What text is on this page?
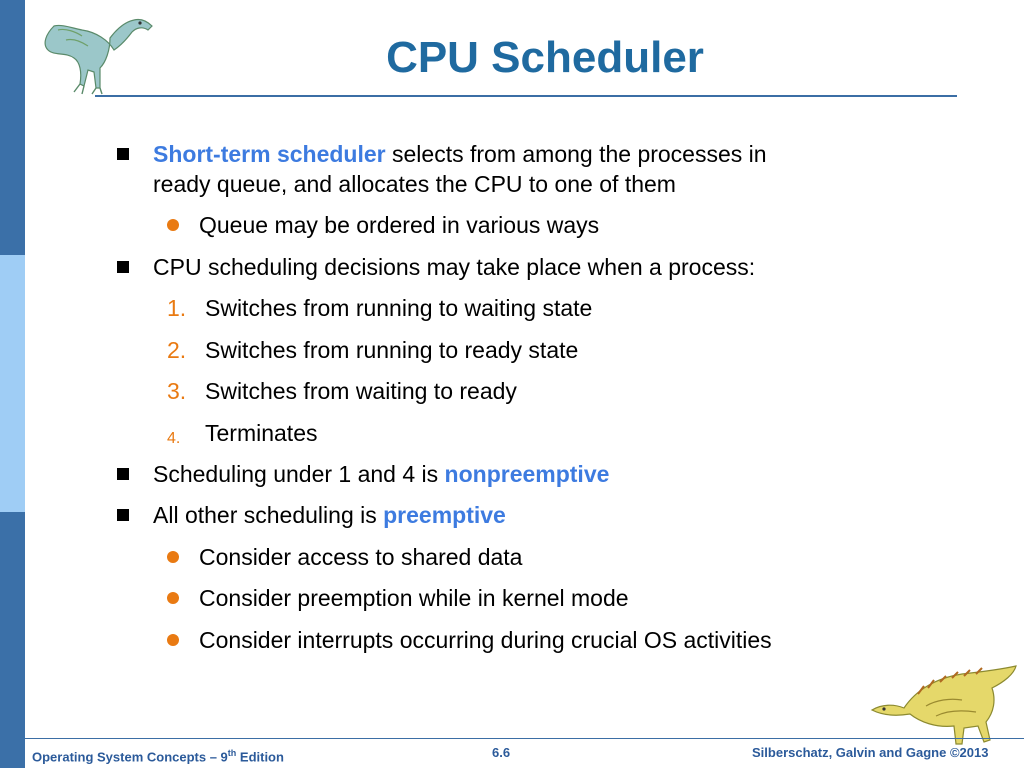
CPU Scheduler
Short-term scheduler selects from among the processes in
ready queue, and allocates the CPU to one of them
Queue may be ordered in various ways
CPU scheduling decisions may take place when a process:
1. Switches from running to waiting state
2. Switches from running to ready state
3. Switches from waiting to ready
4. Terminates
Scheduling under 1 and 4 is nonpreemptive
All other scheduling is preemptive
Consider access to shared data
Consider preemption while in kernel mode
Consider interrupts occurring during crucial OS activities
Operating System Concepts – 9th Edition	6.6	Silberschatz, Galvin and Gagne ©2013
